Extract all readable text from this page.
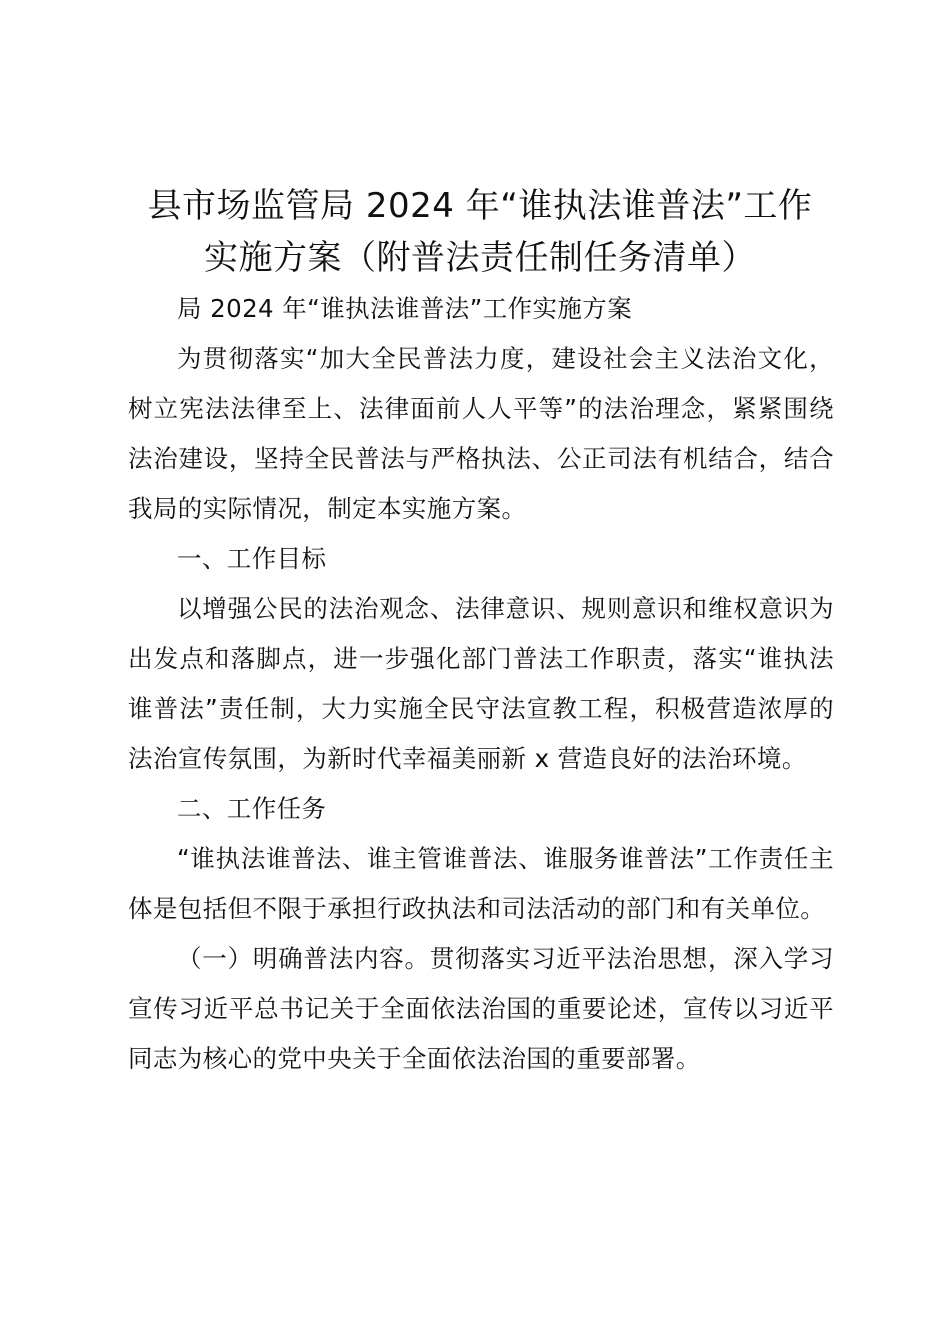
县市场监管局 2024 年“谁执法谁普法”工作
实施方案（附普法责任制任务清单）

局 2024 年“谁执法谁普法”工作实施方案

为贯彻落实“加大全民普法力度，建设社会主义法治文化，树立宪法法律至上、法律面前人人平等”的法治理念，紧紧围绕法治建设，坚持全民普法与严格执法、公正司法有机结合，结合我局的实际情况，制定本实施方案。

一、工作目标

以增强公民的法治观念、法律意识、规则意识和维权意识为出发点和落脚点，进一步强化部门普法工作职责，落实“谁执法谁普法”责任制，大力实施全民守法宣教工程，积极营造浓厚的法治宣传氛围，为新时代幸福美丽新 x 营造良好的法治环境。

二、工作任务

“谁执法谁普法、谁主管谁普法、谁服务谁普法”工作责任主体是包括但不限于承担行政执法和司法活动的部门和有关单位。

（一）明确普法内容。贯彻落实习近平法治思想，深入学习宣传习近平总书记关于全面依法治国的重要论述，宣传以习近平同志为核心的党中央关于全面依法治国的重要部署。
